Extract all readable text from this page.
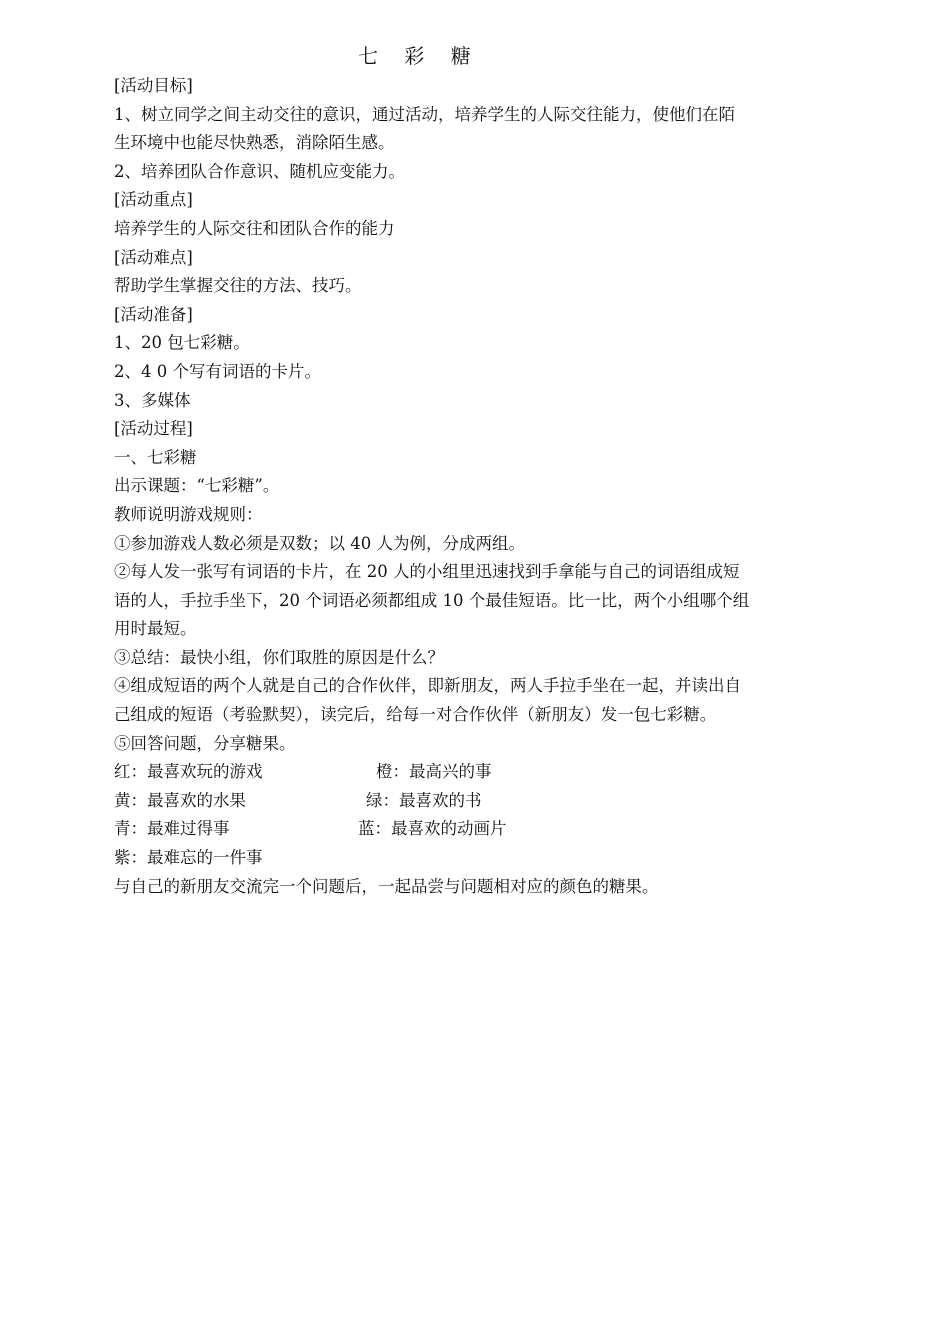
七 彩 糖
[活动目标]
1、树立同学之间主动交往的意识，通过活动，培养学生的人际交往能力，使他们在陌
生环境中也能尽快熟悉，消除陌生感。
2、培养团队合作意识、随机应变能力。
[活动重点]
培养学生的人际交往和团队合作的能力
[活动难点]
帮助学生掌握交往的方法、技巧。
[活动准备]
1、20 包七彩糖。
2、4 0 个写有词语的卡片。
3、多媒体
[活动过程]
一、七彩糖
出示课题：“七彩糖”。
教师说明游戏规则：
①参加游戏人数必须是双数；以 40 人为例，分成两组。
②每人发一张写有词语的卡片，在 20 人的小组里迅速找到手拿能与自己的词语组成短
语的人，手拉手坐下，20 个词语必须都组成 10 个最佳短语。比一比，两个小组哪个组
用时最短。
③总结：最快小组，你们取胜的原因是什么？
④组成短语的两个人就是自己的合作伙伴，即新朋友，两人手拉手坐在一起，并读出自
己组成的短语（考验默契），读完后，给每一对合作伙伴（新朋友）发一包七彩糖。
⑤回答问题，分享糖果。
红：最喜欢玩的游戏	橙：最高兴的事
黄：最喜欢的水果	绿：最喜欢的书
青：最难过得事	蓝：最喜欢的动画片
紫：最难忘的一件事
与自己的新朋友交流完一个问题后，一起品尝与问题相对应的颜色的糖果。
